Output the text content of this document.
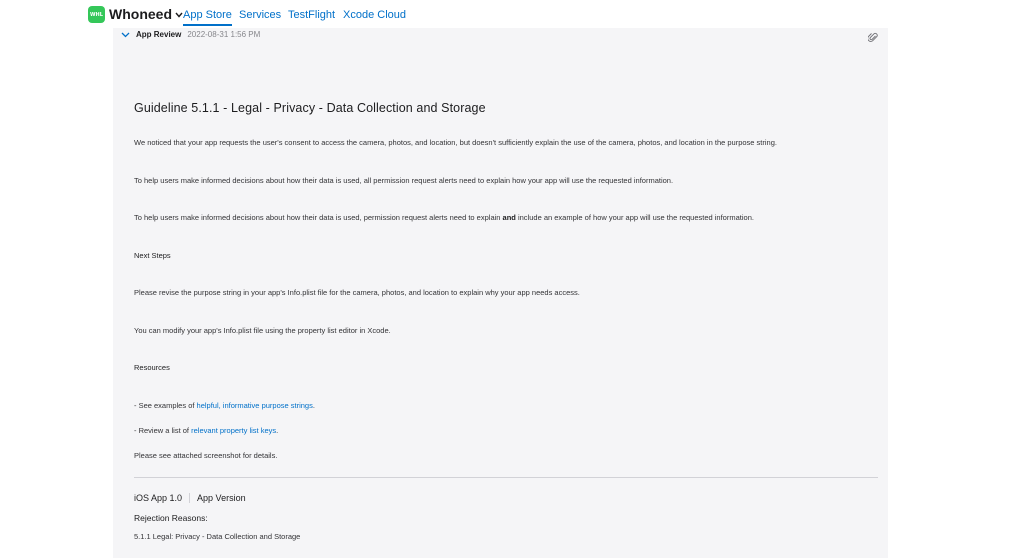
WHL Whoneed App Store Services TestFlight Xcode Cloud
App Review 2022-08-31 1:56 PM
Guideline 5.1.1 - Legal - Privacy - Data Collection and Storage
We noticed that your app requests the user's consent to access the camera, photos, and location, but doesn't sufficiently explain the use of the camera, photos, and location in the purpose string.
To help users make informed decisions about how their data is used, all permission request alerts need to explain how your app will use the requested information.
To help users make informed decisions about how their data is used, permission request alerts need to explain and include an example of how your app will use the requested information.
Next Steps
Please revise the purpose string in your app's Info.plist file for the camera, photos, and location to explain why your app needs access.
You can modify your app's Info.plist file using the property list editor in Xcode.
Resources
- See examples of helpful, informative purpose strings.
- Review a list of relevant property list keys.
Please see attached screenshot for details.
iOS App 1.0 App Version
Rejection Reasons:
5.1.1 Legal: Privacy - Data Collection and Storage
